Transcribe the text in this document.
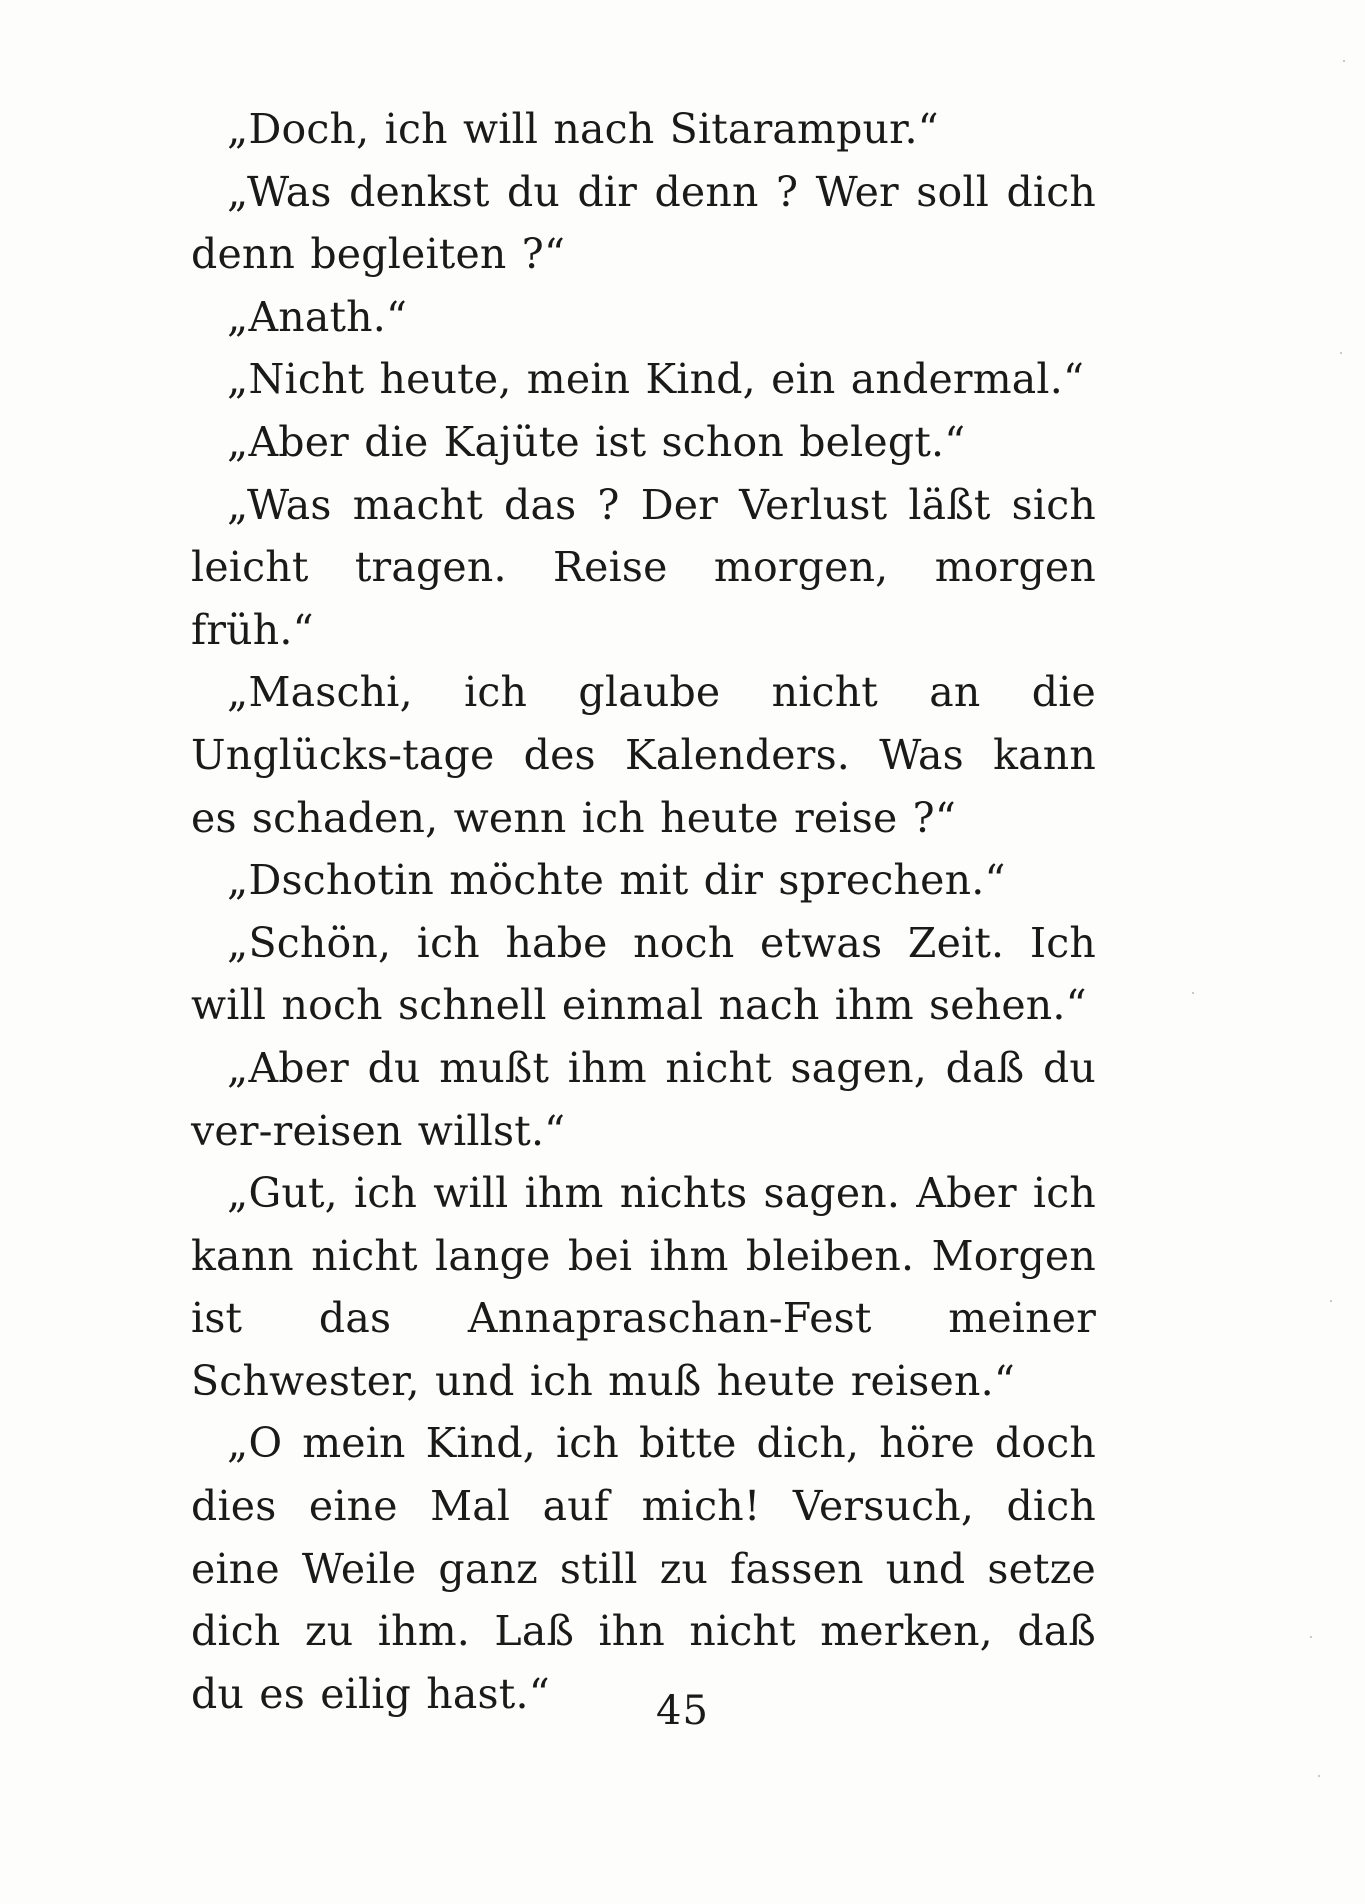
„Doch, ich will nach Sitarampur.“

„Was denkst du dir denn ? Wer soll dich denn begleiten ?“

„Anath.“

„Nicht heute, mein Kind, ein andermal.“

„Aber die Kajüte ist schon belegt.“

„Was macht das ? Der Verlust läßt sich leicht tragen. Reise morgen, morgen früh.“

„Maschi, ich glaube nicht an die Unglücks-tage des Kalenders. Was kann es schaden, wenn ich heute reise ?“

„Dschotin möchte mit dir sprechen.“

„Schön, ich habe noch etwas Zeit. Ich will noch schnell einmal nach ihm sehen.“

„Aber du mußt ihm nicht sagen, daß du ver-reisen willst.“

„Gut, ich will ihm nichts sagen. Aber ich kann nicht lange bei ihm bleiben. Morgen ist das Annapraschan-Fest meiner Schwester, und ich muß heute reisen.“

„O mein Kind, ich bitte dich, höre doch dies eine Mal auf mich! Versuch, dich eine Weile ganz still zu fassen und setze dich zu ihm. Laß ihn nicht merken, daß du es eilig hast.“	45
